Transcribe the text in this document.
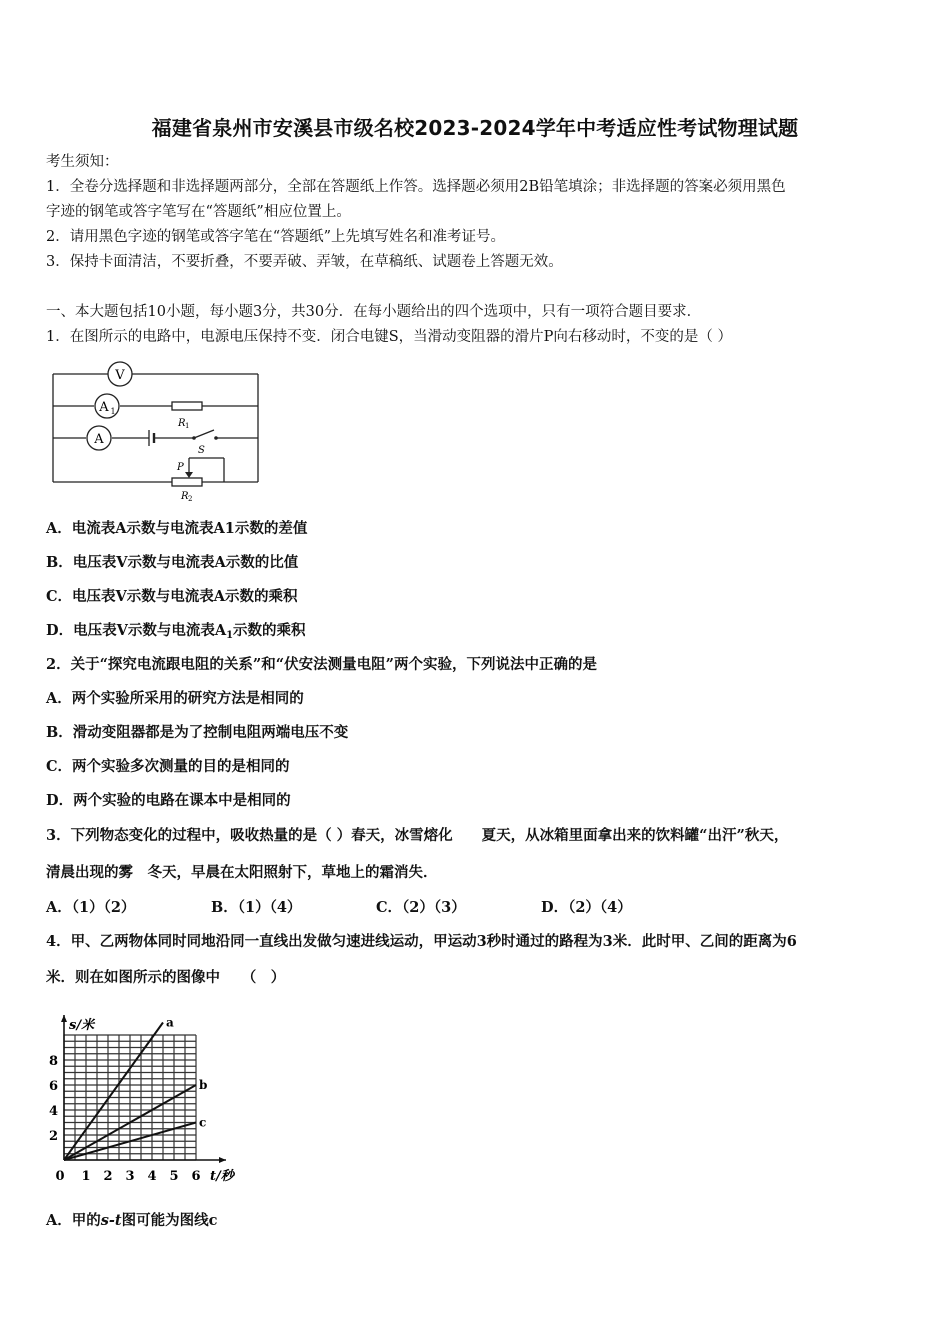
福建省泉州市安溪县市级名校2023-2024学年中考适应性考试物理试题
考生须知：
1．全卷分选择题和非选择题两部分，全部在答题纸上作答。选择题必须用2B铅笔填涂；非选择题的答案必须用黑色
字迹的钢笔或答字笔写在“答题纸”相应位置上。
2．请用黑色字迹的钢笔或答字笔在“答题纸”上先填写姓名和准考证号。
3．保持卡面清洁，不要折叠，不要弄破、弄皱，在草稿纸、试题卷上答题无效。
一、本大题包括10小题，每小题3分，共30分．在每小题给出的四个选项中，只有一项符合题目要求．
1．在图所示的电路中，电源电压保持不变．闭合电键S，当滑动变阻器的滑片P向右移动时，不变的是（ ）
V
A 1
R 1
A
S
P
R 2
A．电流表A示数与电流表A1示数的差值
B．电压表V示数与电流表A示数的比值
C．电压表V示数与电流表A示数的乘积
D．电压表V示数与电流表$A_1$示数的乘积
2．关于“探究电流跟电阻的关系”和“伏安法测量电阻”两个实验，下列说法中正确的是
A．两个实验所采用的研究方法是相同的
B．滑动变阻器都是为了控制电阻两端电压不变
C．两个实验多次测量的目的是相同的
D．两个实验的电路在课本中是相同的
3．下列物态变化的过程中，吸收热量的是（ ）春天，冰雪熔化　　夏天，从冰箱里面拿出来的饮料罐“出汗”秋天，
清晨出现的雾　冬天，早晨在太阳照射下，草地上的霜消失．
A．（1）（2）	B．（1）（4）	C．（2）（3）	D．（2）（4）
4．甲、乙两物体同时同地沿同一直线出发做匀速进线运动，甲运动3秒时通过的路程为3米．此时甲、乙间的距离为6
米．则在如图所示的图像中　　（　）
a
b
c
0 1 2 3 4 5 6
2
4
6
8
t/秒
s/米
A．甲的s-t图可能为图线c
